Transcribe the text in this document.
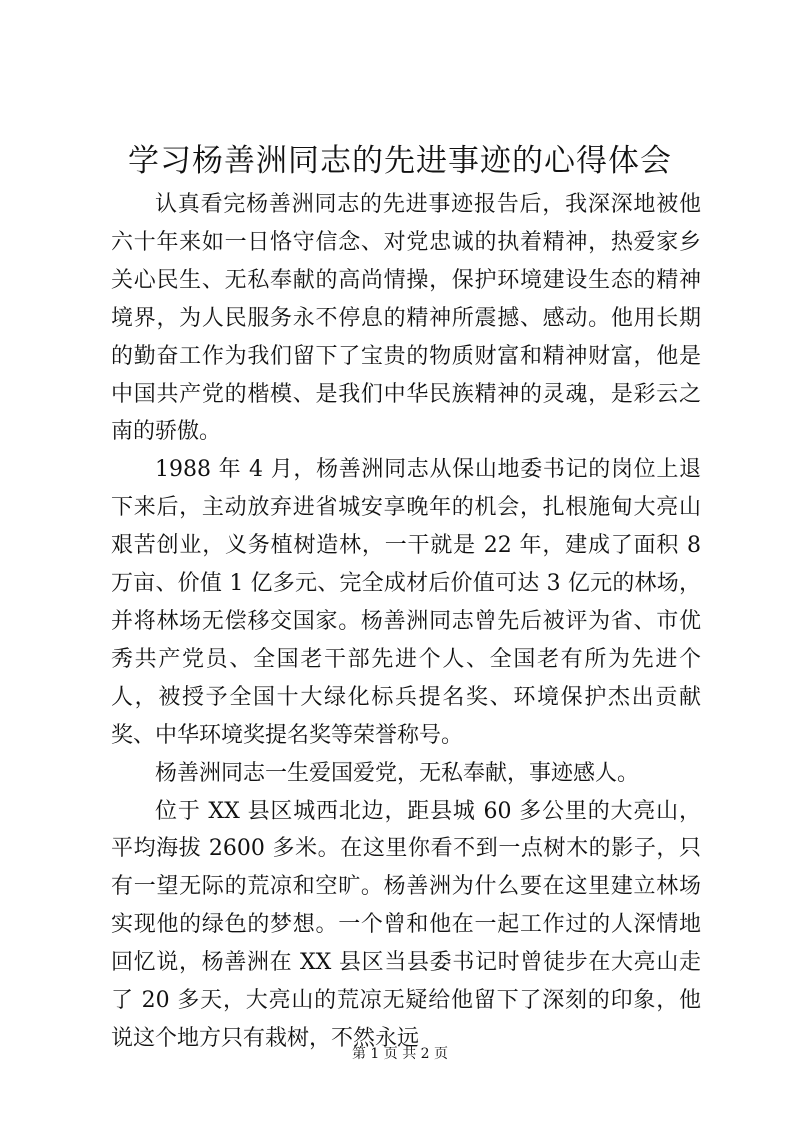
学习杨善洲同志的先进事迹的心得体会

认真看完杨善洲同志的先进事迹报告后，我深深地被他六十年来如一日恪守信念、对党忠诚的执着精神，热爱家乡关心民生、无私奉献的高尚情操，保护环境建设生态的精神境界，为人民服务永不停息的精神所震撼、感动。他用长期的勤奋工作为我们留下了宝贵的物质财富和精神财富，他是中国共产党的楷模、是我们中华民族精神的灵魂，是彩云之南的骄傲。

1988 年 4 月，杨善洲同志从保山地委书记的岗位上退下来后，主动放弃进省城安享晚年的机会，扎根施甸大亮山艰苦创业，义务植树造林，一干就是 22 年，建成了面积 8 万亩、价值 1 亿多元、完全成材后价值可达 3 亿元的林场，并将林场无偿移交国家。杨善洲同志曾先后被评为省、市优秀共产党员、全国老干部先进个人、全国老有所为先进个人，被授予全国十大绿化标兵提名奖、环境保护杰出贡献奖、中华环境奖提名奖等荣誉称号。

杨善洲同志一生爱国爱党，无私奉献，事迹感人。

位于 XX 县区城西北边，距县城 60 多公里的大亮山，平均海拔 2600 多米。在这里你看不到一点树木的影子，只有一望无际的荒凉和空旷。杨善洲为什么要在这里建立林场实现他的绿色的梦想。一个曾和他在一起工作过的人深情地回忆说，杨善洲在 XX 县区当县委书记时曾徒步在大亮山走了 20 多天，大亮山的荒凉无疑给他留下了深刻的印象，他说这个地方只有栽树，不然永远

第 1 页 共 2 页
